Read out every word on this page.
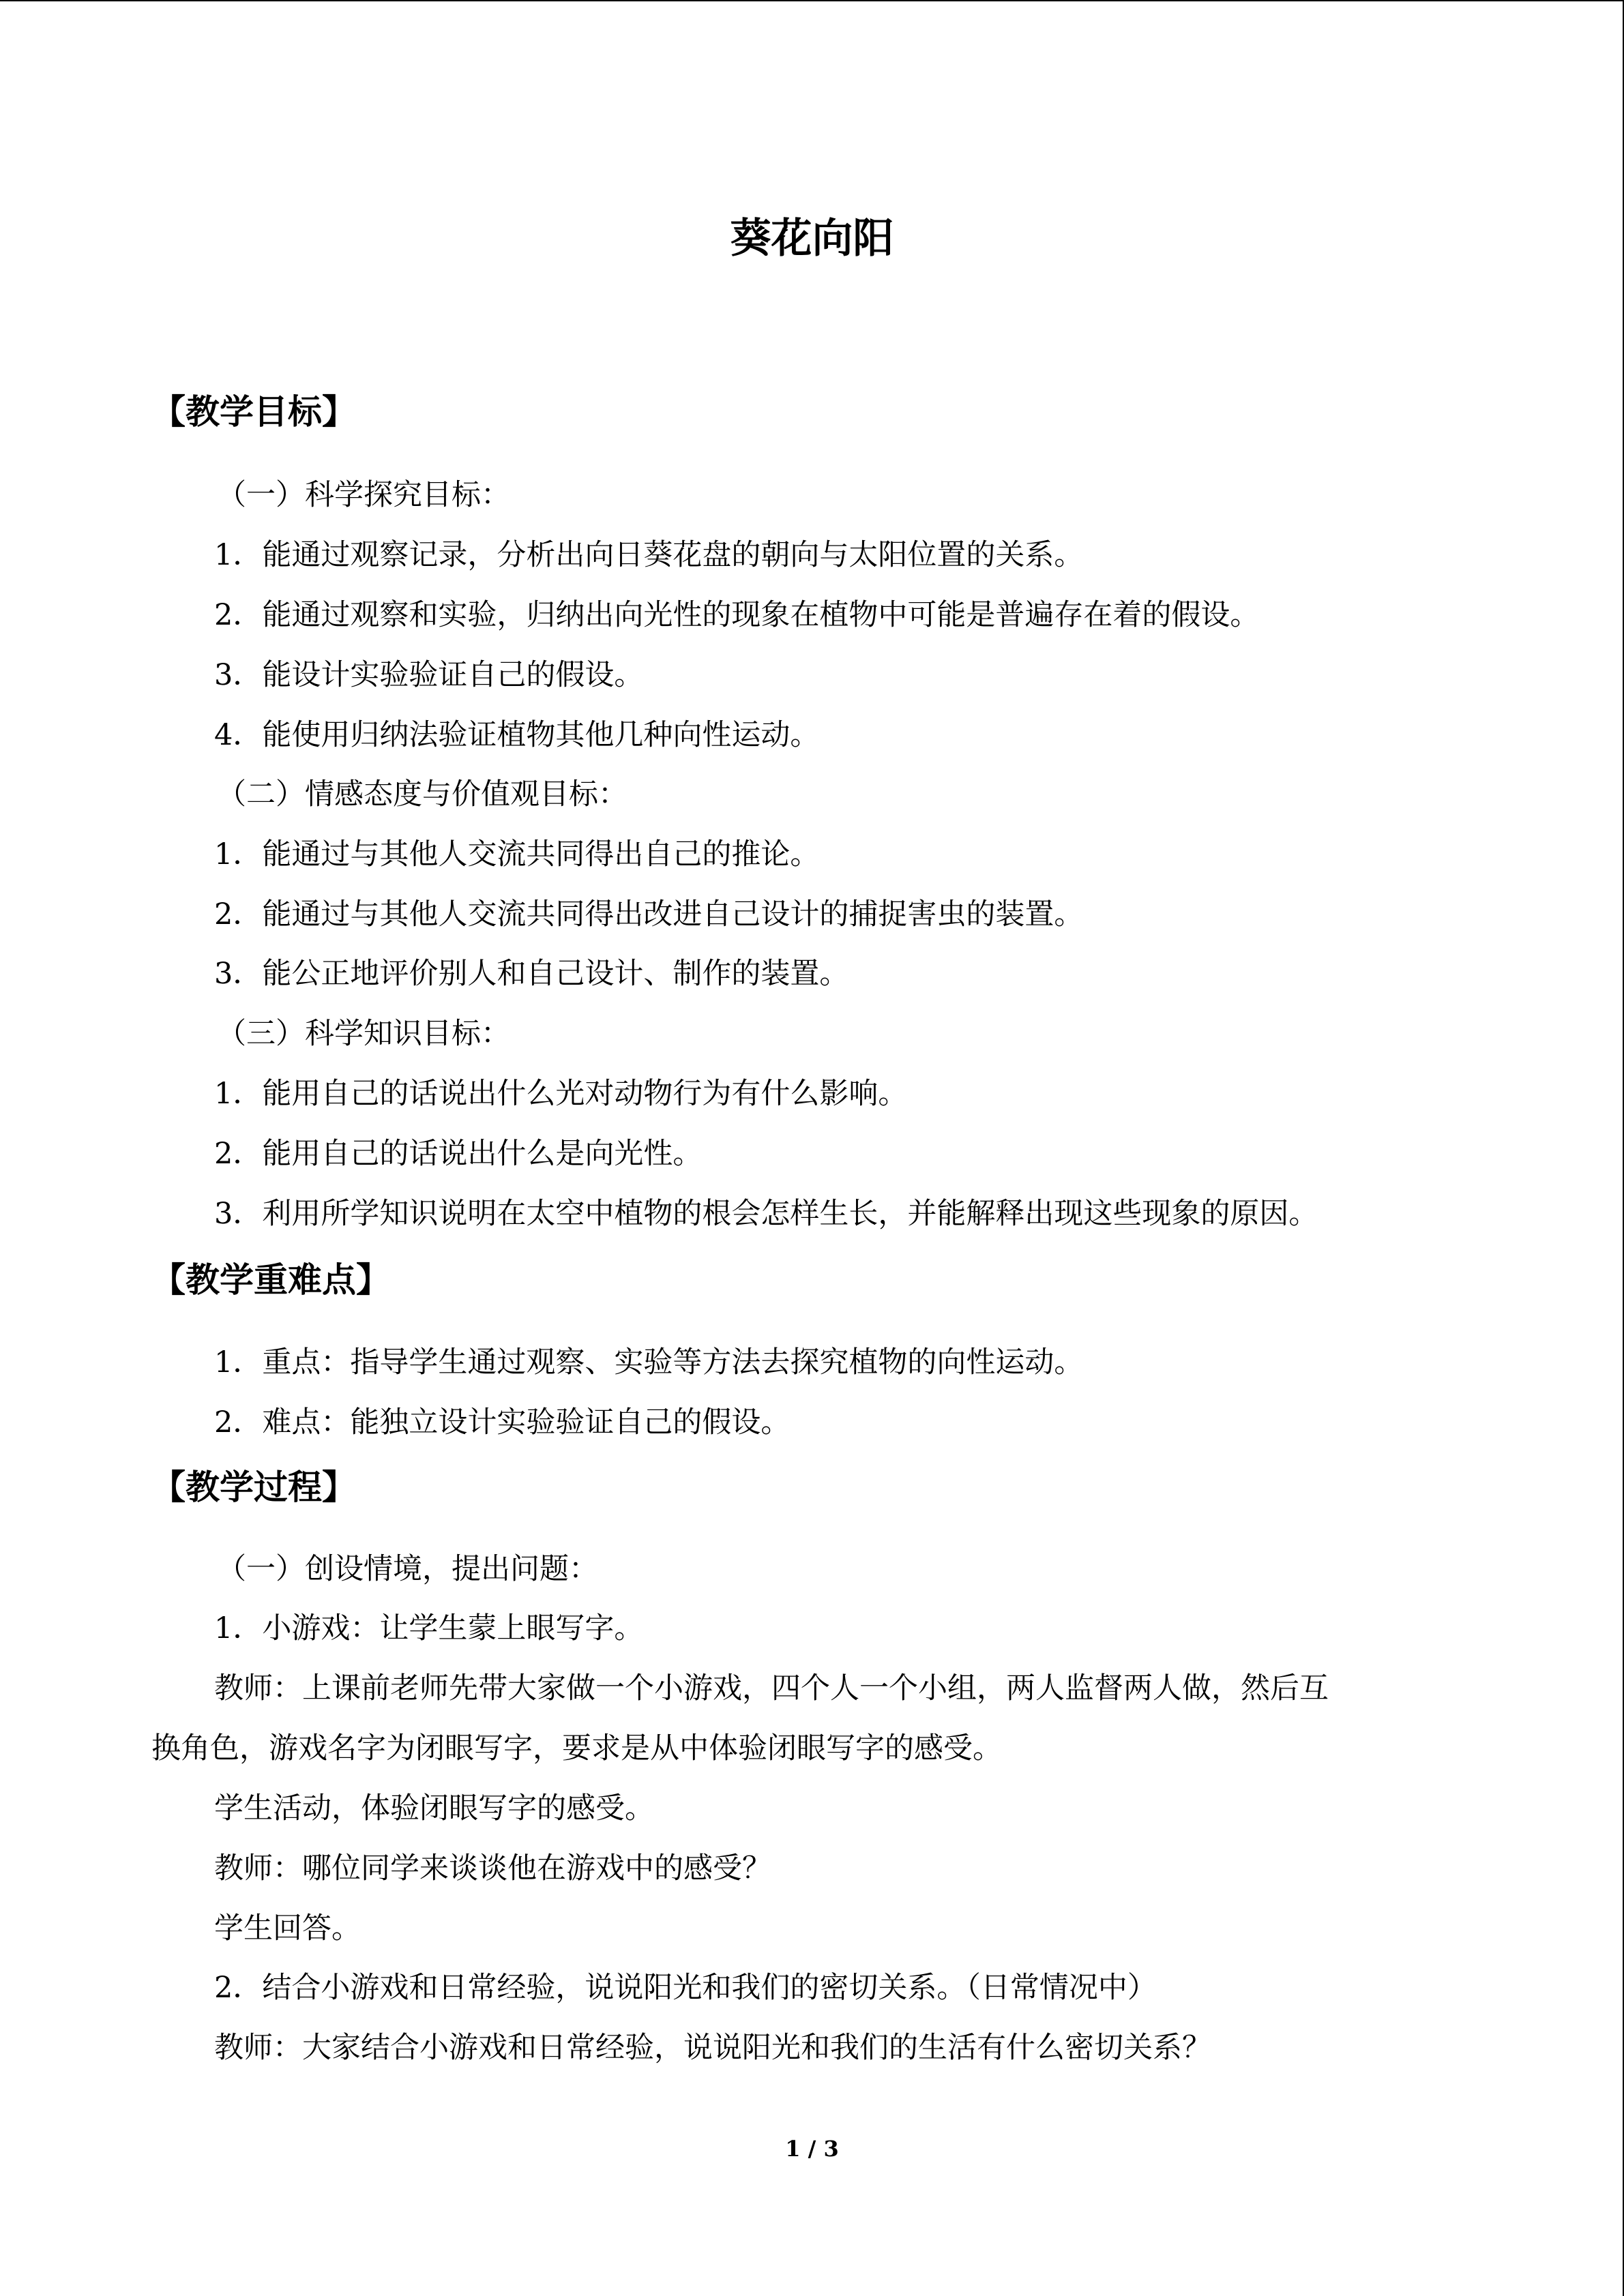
葵花向阳
【教学目标】
（一）科学探究目标：
1．能通过观察记录，分析出向日葵花盘的朝向与太阳位置的关系。
2．能通过观察和实验，归纳出向光性的现象在植物中可能是普遍存在着的假设。
3．能设计实验验证自己的假设。
4．能使用归纳法验证植物其他几种向性运动。
（二）情感态度与价值观目标：
1．能通过与其他人交流共同得出自己的推论。
2．能通过与其他人交流共同得出改进自己设计的捕捉害虫的装置。
3．能公正地评价别人和自己设计、制作的装置。
（三）科学知识目标：
1．能用自己的话说出什么光对动物行为有什么影响。
2．能用自己的话说出什么是向光性。
3．利用所学知识说明在太空中植物的根会怎样生长，并能解释出现这些现象的原因。
【教学重难点】
1．重点：指导学生通过观察、实验等方法去探究植物的向性运动。
2．难点：能独立设计实验验证自己的假设。
【教学过程】
（一）创设情境，提出问题：
1．小游戏：让学生蒙上眼写字。
教师：上课前老师先带大家做一个小游戏，四个人一个小组，两人监督两人做，然后互
换角色，游戏名字为闭眼写字，要求是从中体验闭眼写字的感受。
学生活动，体验闭眼写字的感受。
教师：哪位同学来谈谈他在游戏中的感受？
学生回答。
2．结合小游戏和日常经验，说说阳光和我们的密切关系。（日常情况中）
教师：大家结合小游戏和日常经验，说说阳光和我们的生活有什么密切关系？
1 / 3
